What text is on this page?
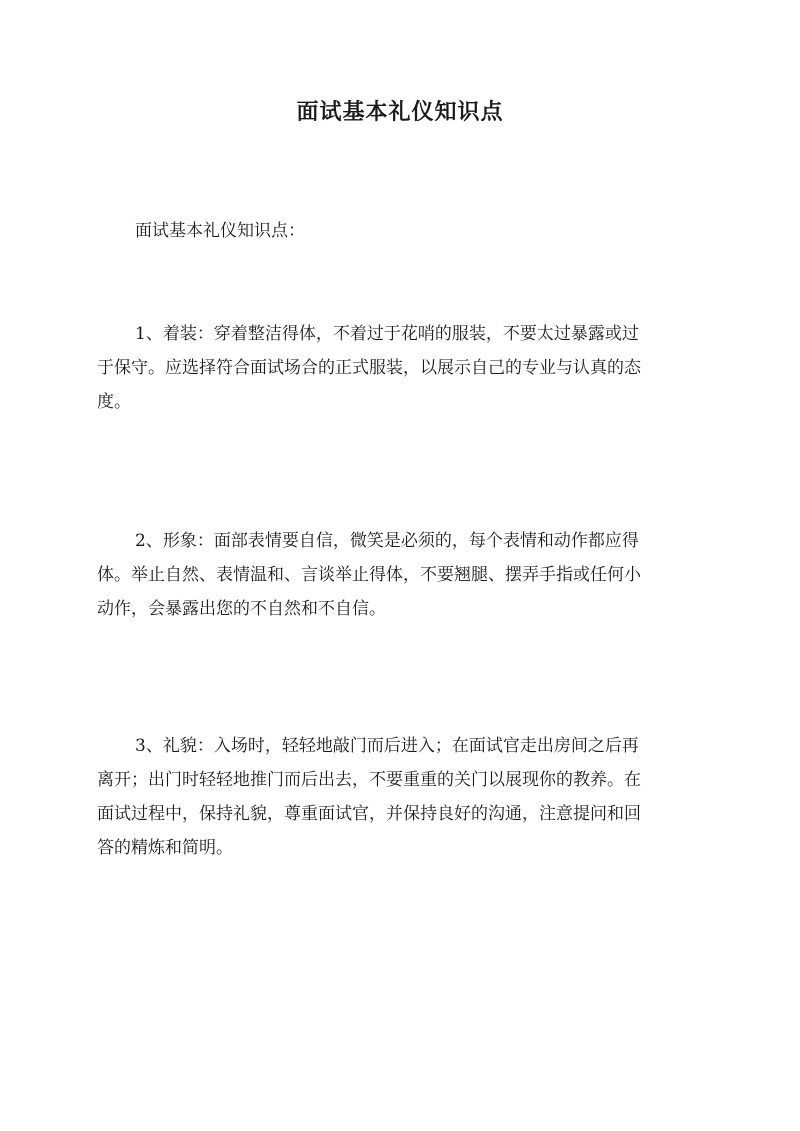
面试基本礼仪知识点
面试基本礼仪知识点：
1、着装：穿着整洁得体，不着过于花哨的服装，不要太过暴露或过
于保守。应选择符合面试场合的正式服装，以展示自己的专业与认真的态
度。
2、形象：面部表情要自信，微笑是必须的，每个表情和动作都应得
体。举止自然、表情温和、言谈举止得体，不要翘腿、摆弄手指或任何小
动作，会暴露出您的不自然和不自信。
3、礼貌：入场时，轻轻地敲门而后进入；在面试官走出房间之后再
离开；出门时轻轻地推门而后出去，不要重重的关门以展现你的教养。在
面试过程中，保持礼貌，尊重面试官，并保持良好的沟通，注意提问和回
答的精炼和简明。
